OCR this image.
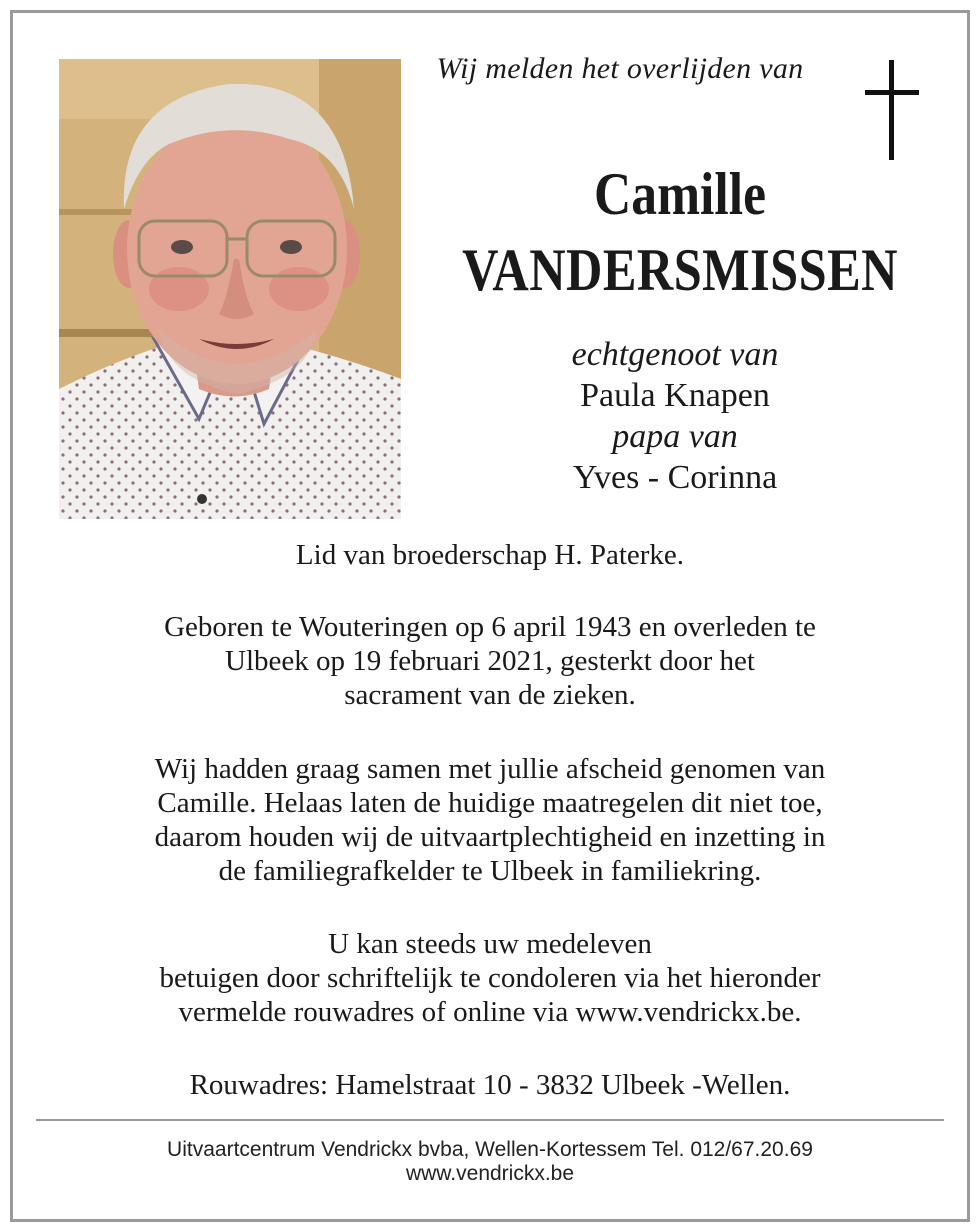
Wij melden het overlijden van
Camille
VANDERSMISSEN
echtgenoot van
Paula Knapen
papa van
Yves - Corinna
Lid van broederschap H. Paterke.
Geboren te Wouteringen op 6 april 1943 en overleden te
Ulbeek op 19 februari 2021, gesterkt door het
sacrament van de zieken.
Wij hadden graag samen met jullie afscheid genomen van
Camille. Helaas laten de huidige maatregelen dit niet toe,
daarom houden wij de uitvaartplechtigheid en inzetting in
de familiegrafkelder te Ulbeek in familiekring.
U kan steeds uw medeleven
betuigen door schriftelijk te condoleren via het hieronder
vermelde rouwadres of online via www.vendrickx.be.
Rouwadres: Hamelstraat 10 - 3832 Ulbeek -Wellen.
Uitvaartcentrum Vendrickx bvba, Wellen-Kortessem Tel. 012/67.20.69
www.vendrickx.be
